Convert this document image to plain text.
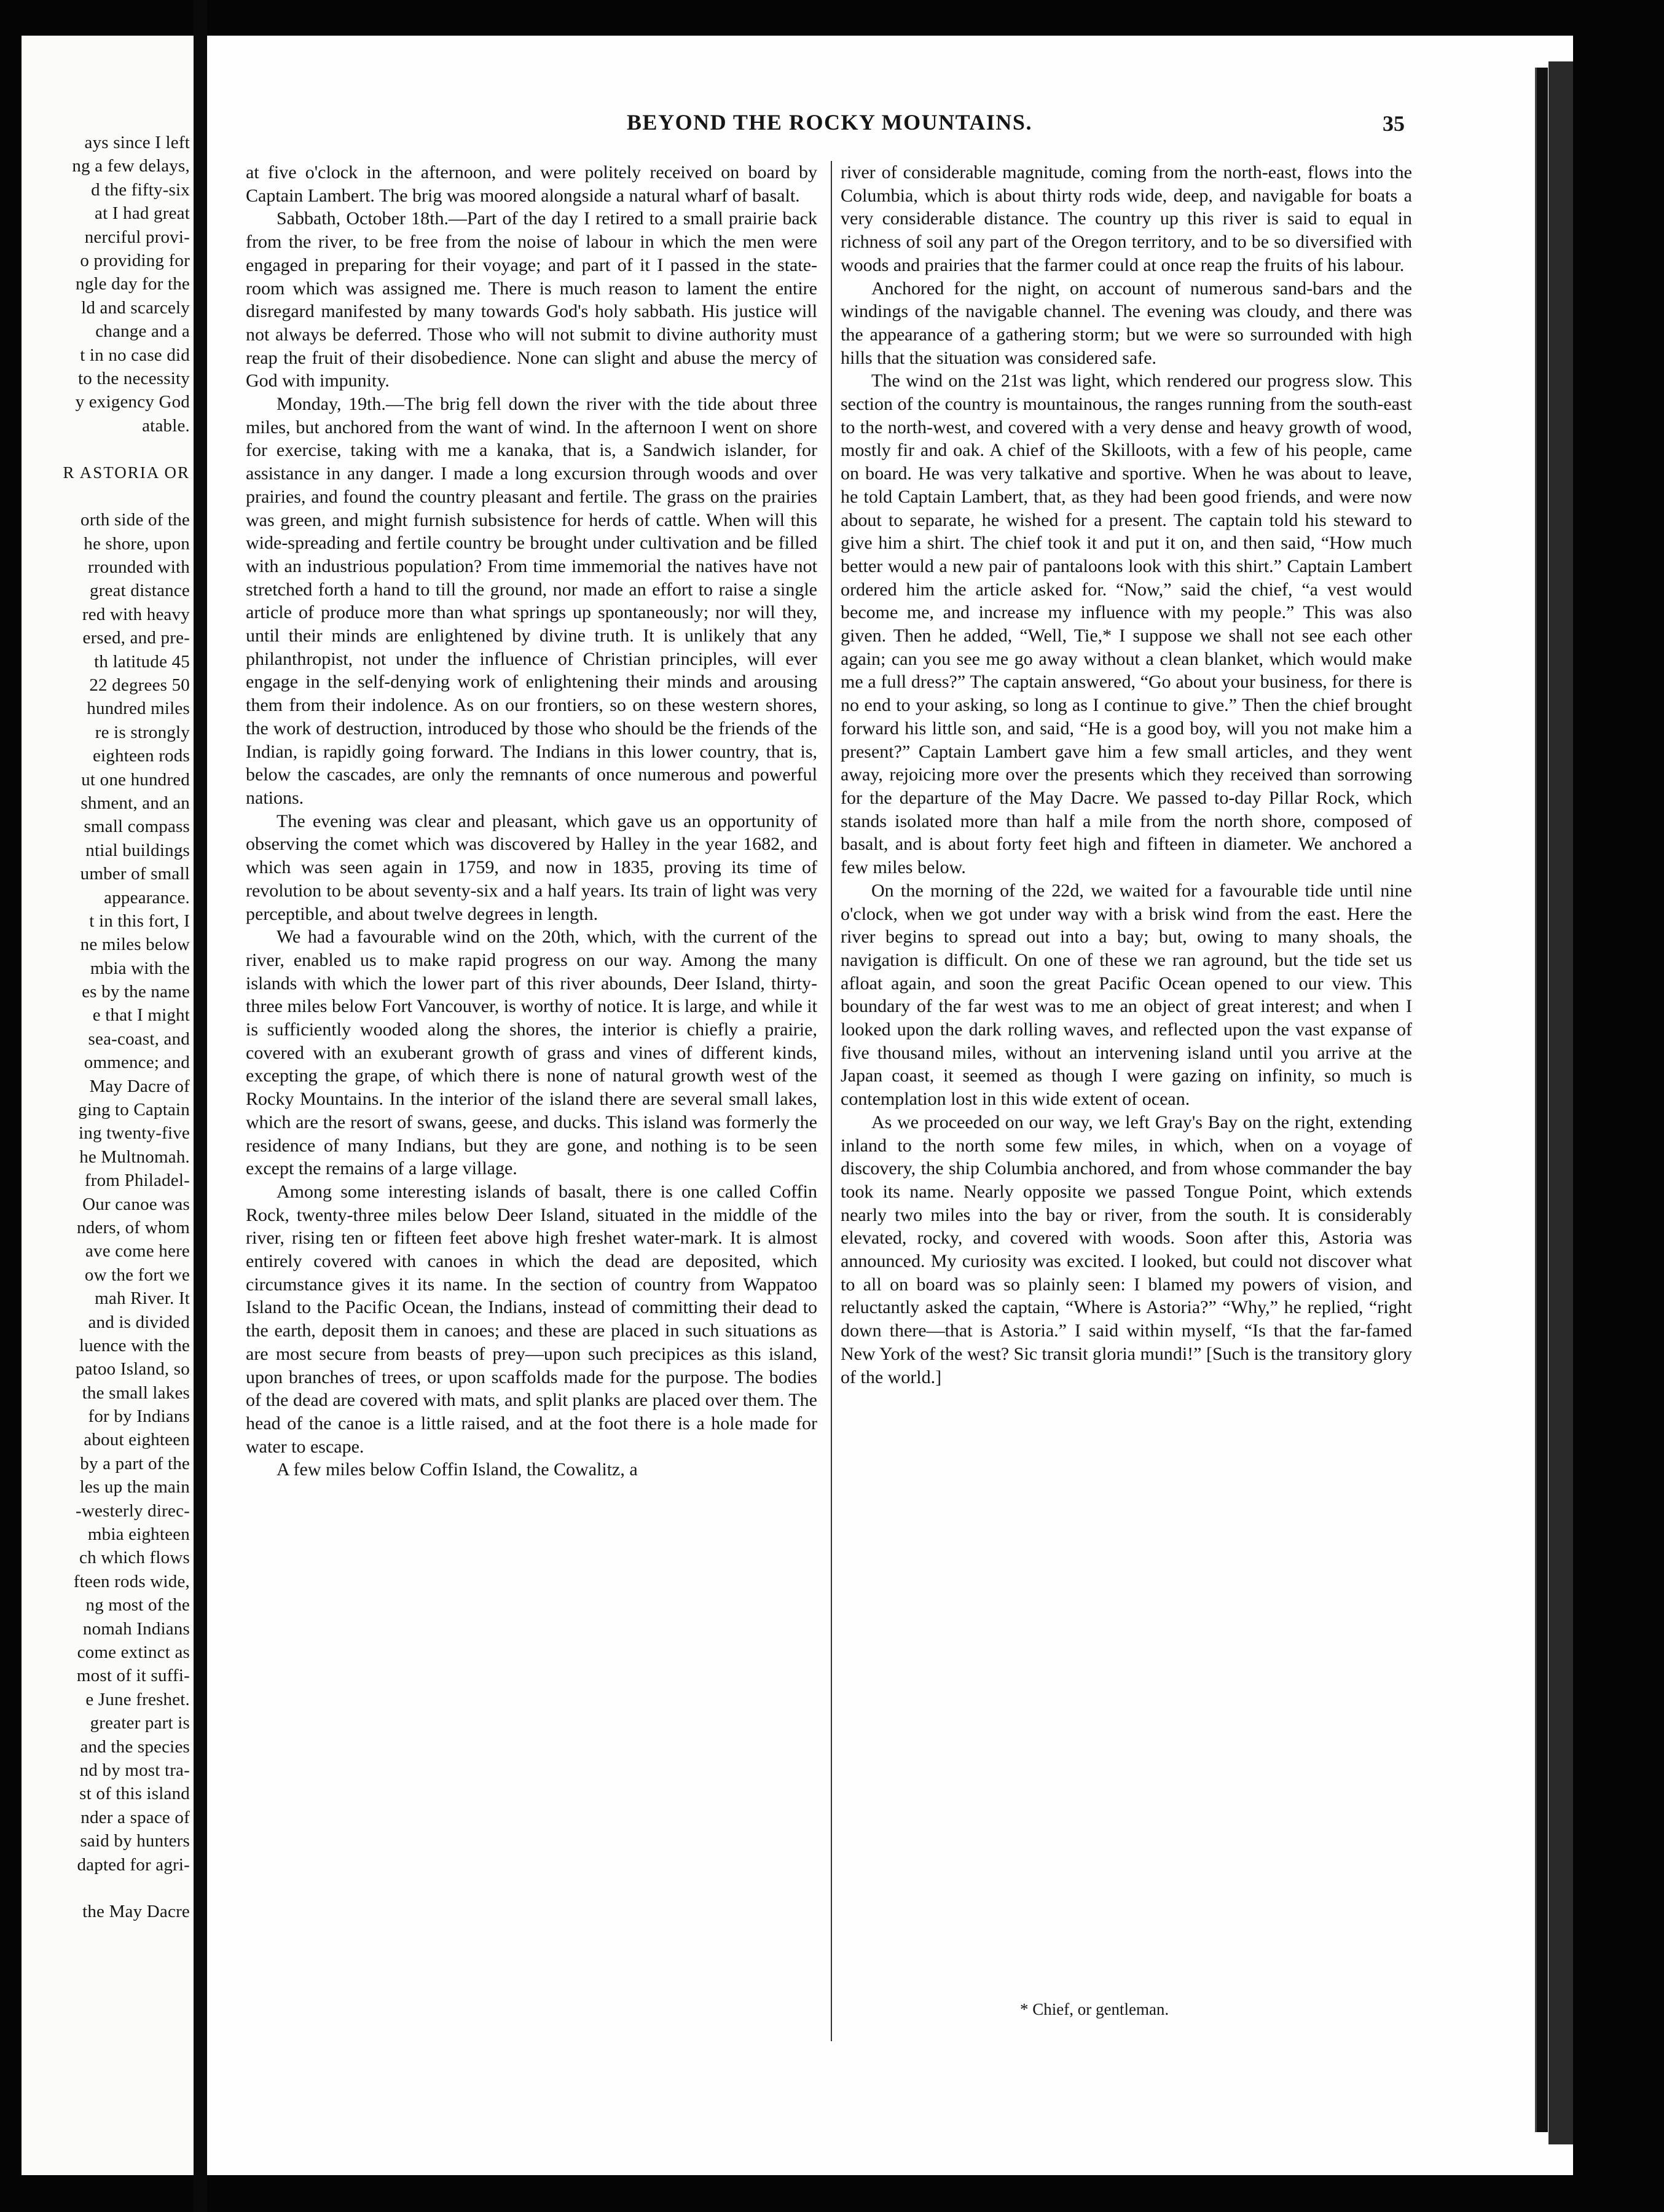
ays since I left
ng a few delays,
d the fifty-six
at I had great
nerciful provi-
o providing for
ngle day for the
ld and scarcely
change and a
t in no case did
to the necessity
y exigency God
atable.
R ASTORIA OR
orth side of the
he shore, upon
rrounded with
great distance
red with heavy
ersed, and pre-
th latitude 45
22 degrees 50
hundred miles
re is strongly
eighteen rods
ut one hundred
shment, and an
small compass
ntial buildings
umber of small
appearance.
t in this fort, I
ne miles below
mbia with the
es by the name
e that I might
sea-coast, and
ommence; and
May Dacre of
ging to Captain
ing twenty-five
he Multnomah.
from Philadel-
Our canoe was
nders, of whom
ave come here
ow the fort we
mah River. It
and is divided
luence with the
patoo Island, so
the small lakes
for by Indians
about eighteen
by a part of the
les up the main
-westerly direc-
mbia eighteen
ch which flows
fteen rods wide,
ng most of the
nomah Indians
come extinct as
most of it suffi-
e June freshet.
greater part is
and the species
nd by most tra-
st of this island
nder a space of
said by hunters
dapted for agri-
the May Dacre
BEYOND THE ROCKY MOUNTAINS.	35

at five o'clock in the afternoon, and were politely received on board by Captain Lambert. The brig was moored alongside a natural wharf of basalt.

Sabbath, October 18th.—Part of the day I retired to a small prairie back from the river, to be free from the noise of labour in which the men were engaged in preparing for their voyage; and part of it I passed in the state-room which was assigned me. There is much reason to lament the entire disregard manifested by many towards God's holy sabbath. His justice will not always be deferred. Those who will not submit to divine authority must reap the fruit of their disobedience. None can slight and abuse the mercy of God with impunity.

Monday, 19th.—The brig fell down the river with the tide about three miles, but anchored from the want of wind. In the afternoon I went on shore for exercise, taking with me a kanaka, that is, a Sandwich islander, for assistance in any danger. I made a long excursion through woods and over prairies, and found the country pleasant and fertile. The grass on the prairies was green, and might furnish subsistence for herds of cattle. When will this wide-spreading and fertile country be brought under cultivation and be filled with an industrious population? From time immemorial the natives have not stretched forth a hand to till the ground, nor made an effort to raise a single article of produce more than what springs up spontaneously; nor will they, until their minds are enlightened by divine truth. It is unlikely that any philanthropist, not under the influence of Christian principles, will ever engage in the self-denying work of enlightening their minds and arousing them from their indolence. As on our frontiers, so on these western shores, the work of destruction, introduced by those who should be the friends of the Indian, is rapidly going forward. The Indians in this lower country, that is, below the cascades, are only the remnants of once numerous and powerful nations.

The evening was clear and pleasant, which gave us an opportunity of observing the comet which was discovered by Halley in the year 1682, and which was seen again in 1759, and now in 1835, proving its time of revolution to be about seventy-six and a half years. Its train of light was very perceptible, and about twelve degrees in length.

We had a favourable wind on the 20th, which, with the current of the river, enabled us to make rapid progress on our way. Among the many islands with which the lower part of this river abounds, Deer Island, thirty-three miles below Fort Vancouver, is worthy of notice. It is large, and while it is sufficiently wooded along the shores, the interior is chiefly a prairie, covered with an exuberant growth of grass and vines of different kinds, excepting the grape, of which there is none of natural growth west of the Rocky Mountains. In the interior of the island there are several small lakes, which are the resort of swans, geese, and ducks. This island was formerly the residence of many Indians, but they are gone, and nothing is to be seen except the remains of a large village.

Among some interesting islands of basalt, there is one called Coffin Rock, twenty-three miles below Deer Island, situated in the middle of the river, rising ten or fifteen feet above high freshet water-mark. It is almost entirely covered with canoes in which the dead are deposited, which circumstance gives it its name. In the section of country from Wappatoo Island to the Pacific Ocean, the Indians, instead of committing their dead to the earth, deposit them in canoes; and these are placed in such situations as are most secure from beasts of prey—upon such precipices as this island, upon branches of trees, or upon scaffolds made for the purpose. The bodies of the dead are covered with mats, and split planks are placed over them. The head of the canoe is a little raised, and at the foot there is a hole made for water to escape.

A few miles below Coffin Island, the Cowalitz, a

river of considerable magnitude, coming from the north-east, flows into the Columbia, which is about thirty rods wide, deep, and navigable for boats a very considerable distance. The country up this river is said to equal in richness of soil any part of the Oregon territory, and to be so diversified with woods and prairies that the farmer could at once reap the fruits of his labour.

Anchored for the night, on account of numerous sand-bars and the windings of the navigable channel. The evening was cloudy, and there was the appearance of a gathering storm; but we were so surrounded with high hills that the situation was considered safe.

The wind on the 21st was light, which rendered our progress slow. This section of the country is mountainous, the ranges running from the south-east to the north-west, and covered with a very dense and heavy growth of wood, mostly fir and oak. A chief of the Skilloots, with a few of his people, came on board. He was very talkative and sportive. When he was about to leave, he told Captain Lambert, that, as they had been good friends, and were now about to separate, he wished for a present. The captain told his steward to give him a shirt. The chief took it and put it on, and then said, “How much better would a new pair of pantaloons look with this shirt.” Captain Lambert ordered him the article asked for. “Now,” said the chief, “a vest would become me, and increase my influence with my people.” This was also given. Then he added, “Well, Tie,* I suppose we shall not see each other again; can you see me go away without a clean blanket, which would make me a full dress?” The captain answered, “Go about your business, for there is no end to your asking, so long as I continue to give.” Then the chief brought forward his little son, and said, “He is a good boy, will you not make him a present?” Captain Lambert gave him a few small articles, and they went away, rejoicing more over the presents which they received than sorrowing for the departure of the May Dacre. We passed to-day Pillar Rock, which stands isolated more than half a mile from the north shore, composed of basalt, and is about forty feet high and fifteen in diameter. We anchored a few miles below.

On the morning of the 22d, we waited for a favourable tide until nine o'clock, when we got under way with a brisk wind from the east. Here the river begins to spread out into a bay; but, owing to many shoals, the navigation is difficult. On one of these we ran aground, but the tide set us afloat again, and soon the great Pacific Ocean opened to our view. This boundary of the far west was to me an object of great interest; and when I looked upon the dark rolling waves, and reflected upon the vast expanse of five thousand miles, without an intervening island until you arrive at the Japan coast, it seemed as though I were gazing on infinity, so much is contemplation lost in this wide extent of ocean.

As we proceeded on our way, we left Gray's Bay on the right, extending inland to the north some few miles, in which, when on a voyage of discovery, the ship Columbia anchored, and from whose commander the bay took its name. Nearly opposite we passed Tongue Point, which extends nearly two miles into the bay or river, from the south. It is considerably elevated, rocky, and covered with woods. Soon after this, Astoria was announced. My curiosity was excited. I looked, but could not discover what to all on board was so plainly seen: I blamed my powers of vision, and reluctantly asked the captain, “Where is Astoria?” “Why,” he replied, “right down there—that is Astoria.” I said within myself, “Is that the far-famed New York of the west? Sic transit gloria mundi!” [Such is the transitory glory of the world.]

* Chief, or gentleman.
